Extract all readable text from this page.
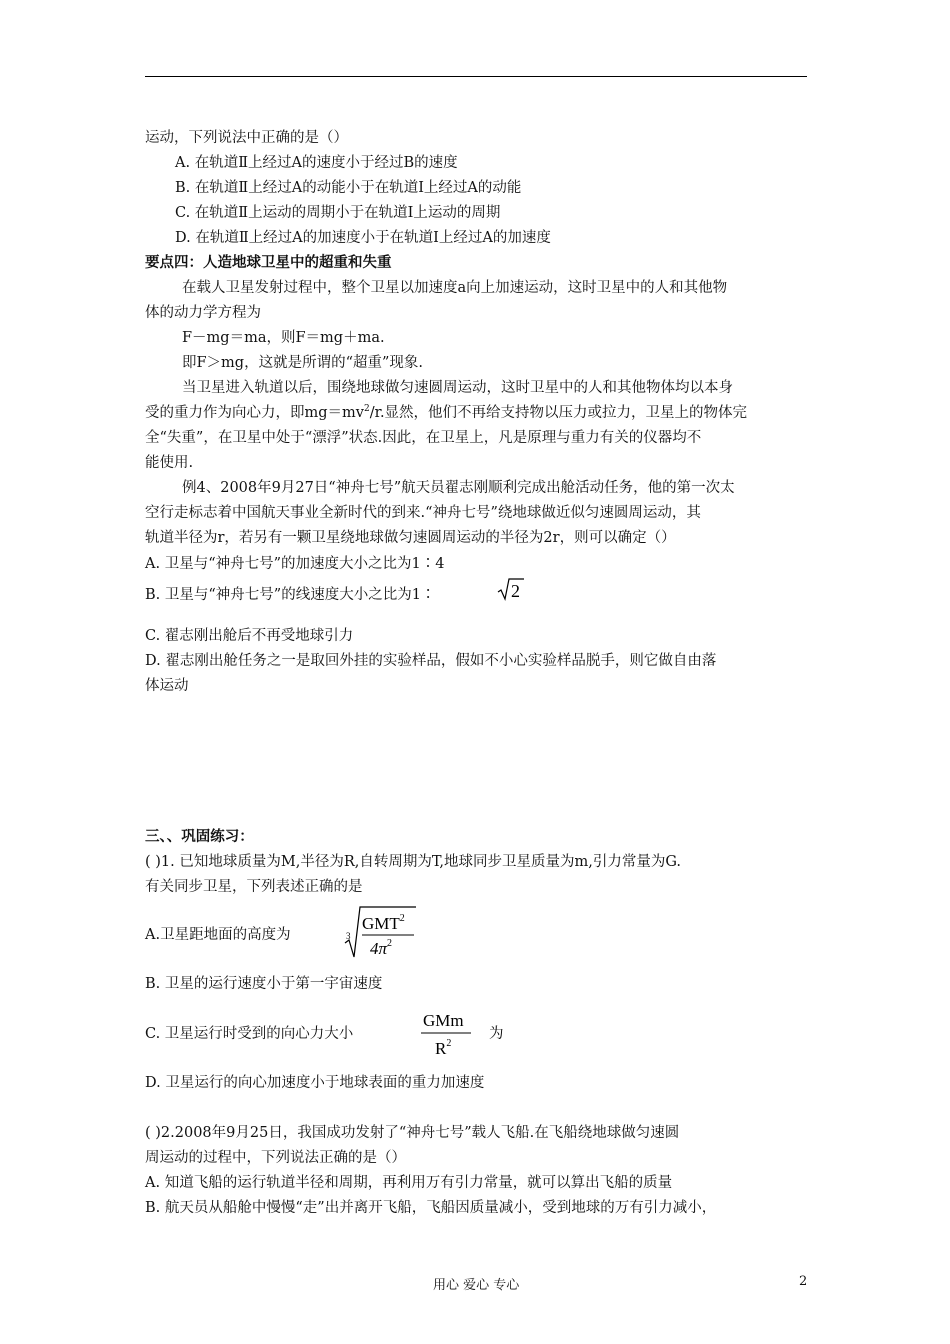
运动，下列说法中正确的是（）
A. 在轨道Ⅱ上经过A的速度小于经过B的速度
B. 在轨道Ⅱ上经过A的动能小于在轨道Ⅰ上经过A的动能
C. 在轨道Ⅱ上运动的周期小于在轨道Ⅰ上运动的周期
D. 在轨道Ⅱ上经过A的加速度小于在轨道Ⅰ上经过A的加速度
要点四：人造地球卫星中的超重和失重
在载人卫星发射过程中，整个卫星以加速度a向上加速运动，这时卫星中的人和其他物
体的动力学方程为
F－mg＝ma，则F＝mg＋ma.
即F＞mg，这就是所谓的“超重”现象.
当卫星进入轨道以后，围绕地球做匀速圆周运动，这时卫星中的人和其他物体均以本身
受的重力作为向心力，即$mg=mv^2/r$.显然，他们不再给支持物以压力或拉力，卫星上的物体完
全“失重”，在卫星中处于“漂浮”状态.因此，在卫星上，凡是原理与重力有关的仪器均不
能使用.
例4、2008年9月27日“神舟七号”航天员翟志刚顺利完成出舱活动任务，他的第一次太
空行走标志着中国航天事业全新时代的到来.“神舟七号”绕地球做近似匀速圆周运动，其
轨道半径为r，若另有一颗卫星绕地球做匀速圆周运动的半径为2r，则可以确定（）
A. 卫星与“神舟七号”的加速度大小之比为1∶4
B. 卫星与“神舟七号”的线速度大小之比为1∶	2
C. 翟志刚出舱后不再受地球引力
D. 翟志刚出舱任务之一是取回外挂的实验样品，假如不小心实验样品脱手，则它做自由落
体运动
三、、巩固练习：
( )1. 已知地球质量为M,半径为R,自转周期为T,地球同步卫星质量为m,引力常量为G.
有关同步卫星，下列表述正确的是
A.卫星距地面的高度为	3
GMT$^2$
$4\pi^2$
B. 卫星的运行速度小于第一宇宙速度
C. 卫星运行时受到的向心力大小
GMm
$R^2$
为
D. 卫星运行的向心加速度小于地球表面的重力加速度
( )2.2008年9月25日，我国成功发射了“神舟七号”载人飞船.在飞船绕地球做匀速圆
周运动的过程中，下列说法正确的是（）
A. 知道飞船的运行轨道半径和周期，再利用万有引力常量，就可以算出飞船的质量
B. 航天员从船舱中慢慢“走”出并离开飞船，飞船因质量减小，受到地球的万有引力减小，
用心 爱心 专心	2
